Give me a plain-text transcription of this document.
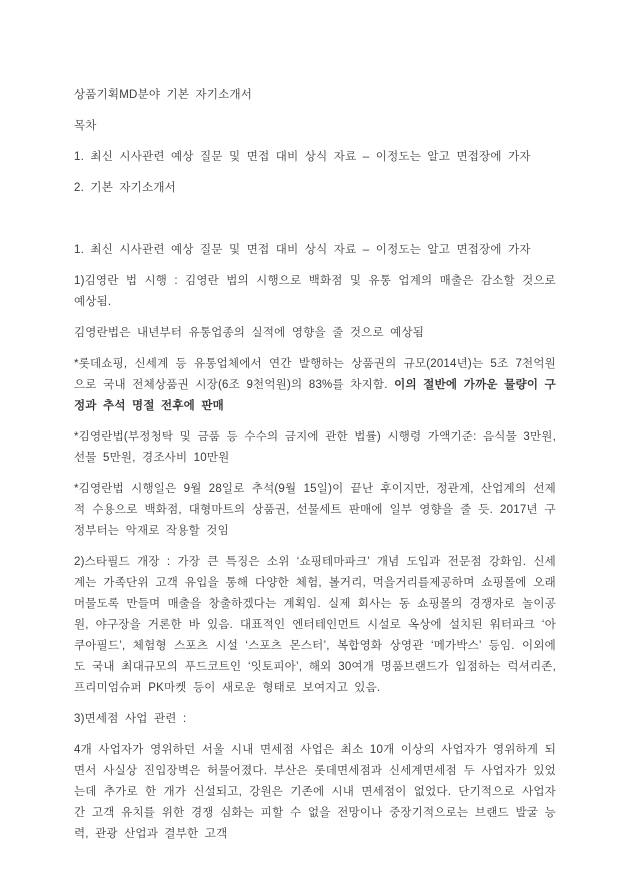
상품기획MD분야 기본 자기소개서

목차

1. 최신 시사관련 예상 질문 및 면접 대비 상식 자료 – 이정도는 알고 면접장에 가자

2. 기본 자기소개서

1. 최신 시사관련 예상 질문 및 면접 대비 상식 자료 – 이정도는 알고 면접장에 가자

1)김영란 법 시행 : 김영란 법의 시행으로 백화점 및 유통 업계의 매출은 감소할 것으로 예상됨.

김영란법은 내년부터 유통업종의 실적에 영향을 줄 것으로 예상됨

*롯데쇼핑, 신세계 등 유통업체에서 연간 발행하는 상품권의 규모(2014년)는 5조 7천억원으로 국내 전체상품권 시장(6조 9천억원)의 83%를 차지함. 이의 절반에 가까운 물량이 구정과 추석 명절 전후에 판매

*김영란법(부정청탁 및 금품 등 수수의 금지에 관한 법률) 시행령 가액기준: 음식물 3만원, 선물 5만원, 경조사비 10만원

*김영란법 시행일은 9월 28일로 추석(9월 15일)이 끝난 후이지만, 정관계, 산업계의 선제적 수용으로 백화점, 대형마트의 상품권, 선물세트 판매에 일부 영향을 줄 듯. 2017년 구정부터는 악재로 작용할 것임

2)스타필드 개장 : 가장 큰 특징은 소위 ‘쇼핑테마파크’ 개념 도입과 전문점 강화임. 신세계는 가족단위 고객 유입을 통해 다양한 체험, 볼거리, 먹을거리를제공하며 쇼핑몰에 오래 머물도록 만들며 매출을 창출하겠다는 계획임. 실제 회사는 동 쇼핑몰의 경쟁자로 놀이공원, 야구장을 거론한 바 있음. 대표적인 엔터테인먼트 시설로 옥상에 설치된 워터파크 ‘아쿠아필드’, 체험형 스포츠 시설 ‘스포츠 몬스터’, 복합영화 상영관 ‘메가박스’ 등임. 이외에도 국내 최대규모의 푸드코트인 ‘잇토피아’, 해외 30여개 명품브랜드가 입점하는 럭셔리존, 프리미엄슈퍼 PK마켓 등이 새로운 형태로 보여지고 있음.

3)면세점 사업 관련 :

4개 사업자가 영위하던 서울 시내 면세점 사업은 최소 10개 이상의 사업자가 영위하게 되면서 사실상 진입장벽은 허물어졌다. 부산은 롯데면세점과 신세계면세점 두 사업자가 있었는데 추가로 한 개가 신설되고, 강원은 기존에 시내 면세점이 없었다. 단기적으로 사업자간 고객 유치를 위한 경쟁 심화는 피할 수 없을 전망이나 중장기적으로는 브랜드 발굴 능력, 관광 산업과 결부한 고객
